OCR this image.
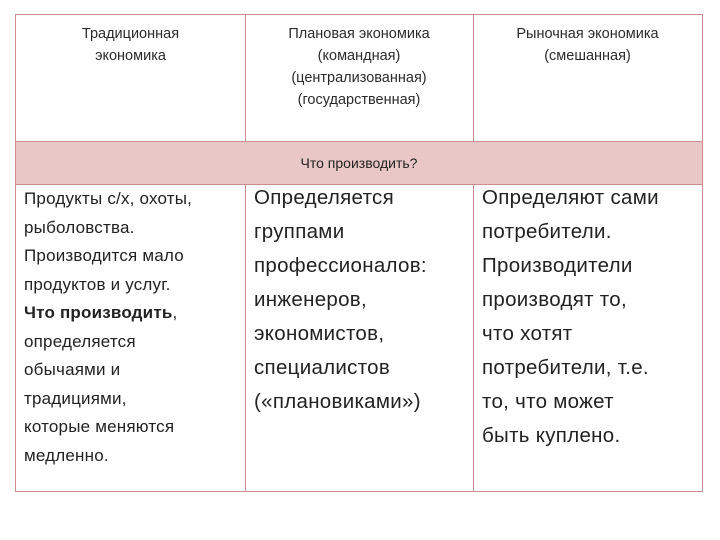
Традиционная
экономика
Плановая экономика
(командная)
(централизованная)
(государственная)
Рыночная экономика
(смешанная)
Что производить?
Продукты с/х, охоты,
рыболовства.
Производится мало
продуктов и услуг.
Что производить,
определяется
обычаями и
традициями,
которые меняются
медленно.
Определяется
группами
профессионалов:
инженеров,
экономистов,
специалистов
(«плановиками»)
Определяют сами
потребители.
Производители
производят то,
что хотят
потребители, т.е.
то, что может
быть куплено.
